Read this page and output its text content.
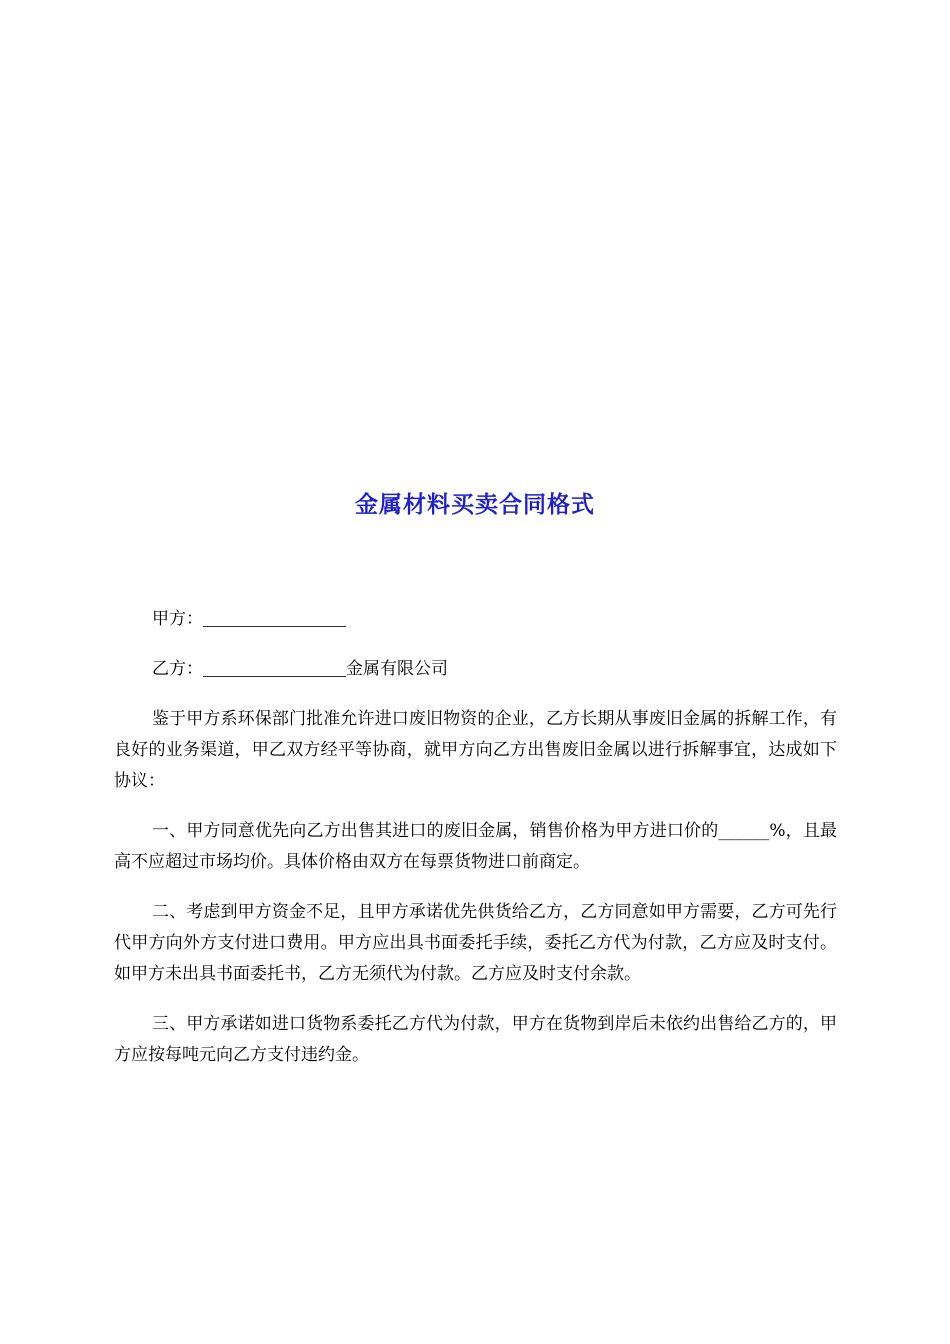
金属材料买卖合同格式

甲方：

乙方：	金属有限公司

鉴于甲方系环保部门批准允许进口废旧物资的企业，乙方长期从事废旧金属的拆解工作，有良好的业务渠道，甲乙双方经平等协商，就甲方向乙方出售废旧金属以进行拆解事宜，达成如下协议：

一、甲方同意优先向乙方出售其进口的废旧金属，销售价格为甲方进口价的______%，且最高不应超过市场均价。具体价格由双方在每票货物进口前商定。

二、考虑到甲方资金不足，且甲方承诺优先供货给乙方，乙方同意如甲方需要，乙方可先行代甲方向外方支付进口费用。甲方应出具书面委托手续，委托乙方代为付款，乙方应及时支付。如甲方未出具书面委托书，乙方无须代为付款。乙方应及时支付余款。

三、甲方承诺如进口货物系委托乙方代为付款，甲方在货物到岸后未依约出售给乙方的，甲方应按每吨元向乙方支付违约金。
